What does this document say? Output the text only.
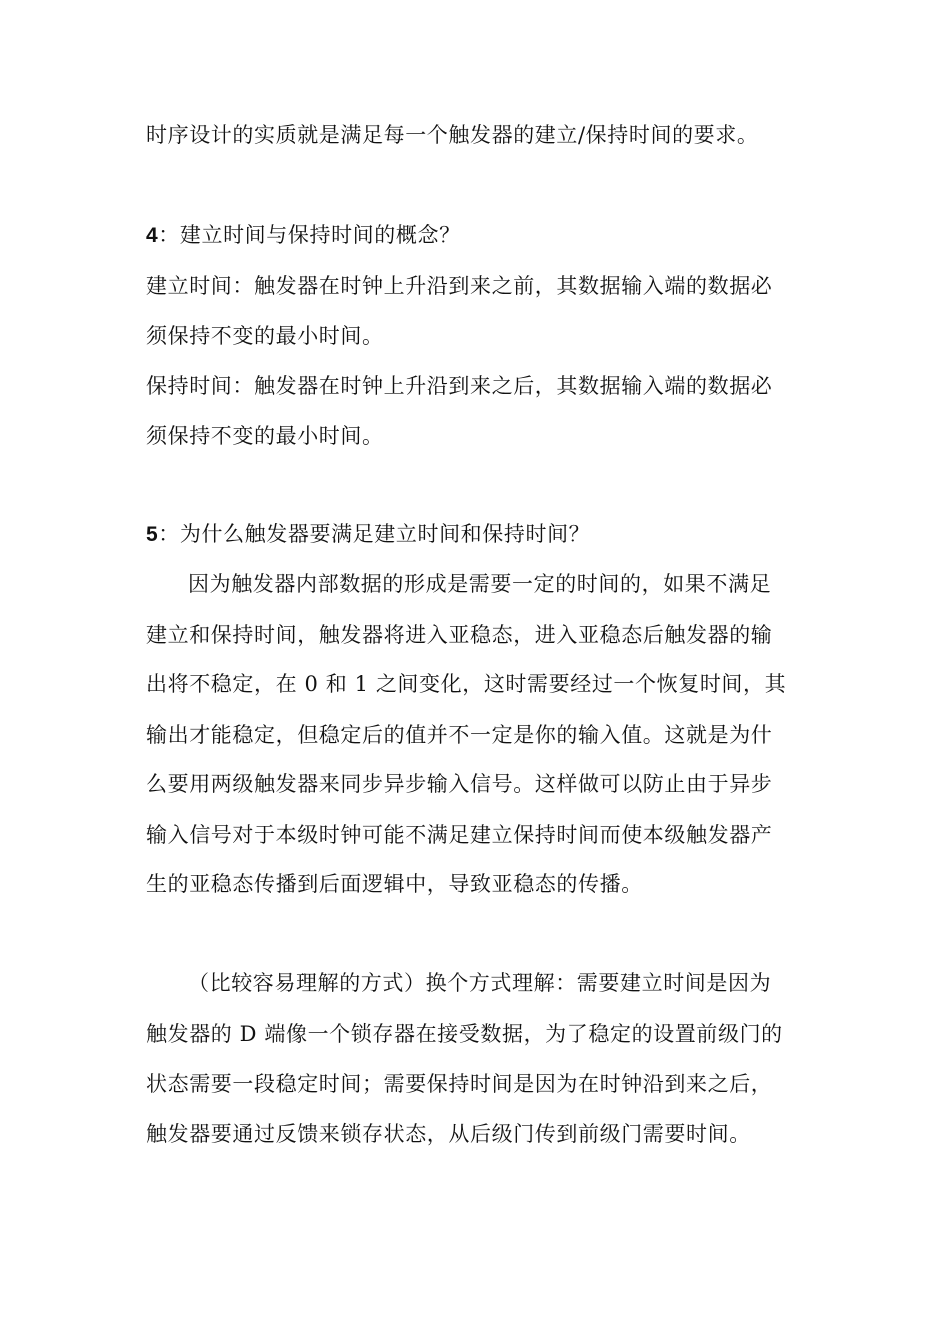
时序设计的实质就是满足每一个触发器的建立/保持时间的要求。
4：建立时间与保持时间的概念？
建立时间：触发器在时钟上升沿到来之前，其数据输入端的数据必
须保持不变的最小时间。
保持时间：触发器在时钟上升沿到来之后，其数据输入端的数据必
须保持不变的最小时间。
5：为什么触发器要满足建立时间和保持时间？
因为触发器内部数据的形成是需要一定的时间的，如果不满足
建立和保持时间，触发器将进入亚稳态，进入亚稳态后触发器的输
出将不稳定，在 0 和 1 之间变化，这时需要经过一个恢复时间，其
输出才能稳定，但稳定后的值并不一定是你的输入值。这就是为什
么要用两级触发器来同步异步输入信号。这样做可以防止由于异步
输入信号对于本级时钟可能不满足建立保持时间而使本级触发器产
生的亚稳态传播到后面逻辑中，导致亚稳态的传播。
（比较容易理解的方式）换个方式理解：需要建立时间是因为
触发器的 D 端像一个锁存器在接受数据，为了稳定的设置前级门的
状态需要一段稳定时间；需要保持时间是因为在时钟沿到来之后，
触发器要通过反馈来锁存状态，从后级门传到前级门需要时间。
